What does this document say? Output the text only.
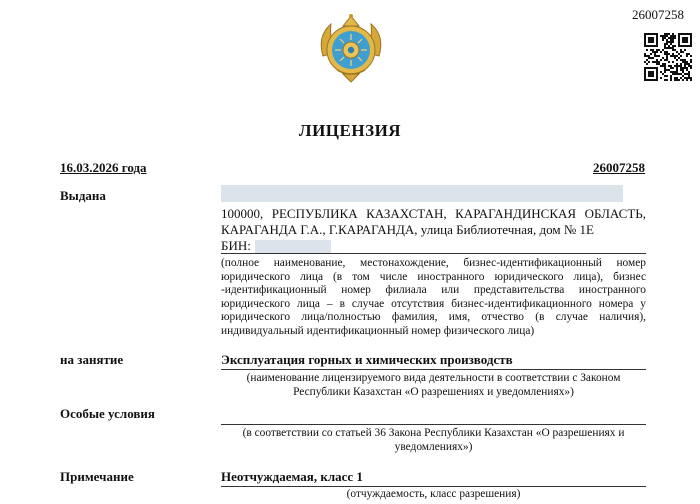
26007258
ЛИЦЕНЗИЯ
16.03.2026 года	26007258
Выдана
100000, РЕСПУБЛИКА КАЗАХСТАН, КАРАГАНДИНСКАЯ ОБЛАСТЬ, КАРАГАНДА Г.А., Г.КАРАГАНДА, улица Библиотечная, дом № 1Е
БИН:
(полное наименование, местонахождение, бизнес-идентификационный номер юридического лица (в том числе иностранного юридического лица), бизнес -идентификационный номер филиала или представительства иностранного юридического лица – в случае отсутствия бизнес-идентификационного номера у юридического лица/полностью фамилия, имя, отчество (в случае наличия), индивидуальный идентификационный номер физического лица)
на занятие	Эксплуатация горных и химических производств
(наименование лицензируемого вида деятельности в соответствии с Законом Республики Казахстан «О разрешениях и уведомлениях»)
Особые условия
(в соответствии со статьей 36 Закона Республики Казахстан «О разрешениях и уведомлениях»)
Примечание	Неотчуждаемая, класс 1
(отчуждаемость, класс разрешения)
